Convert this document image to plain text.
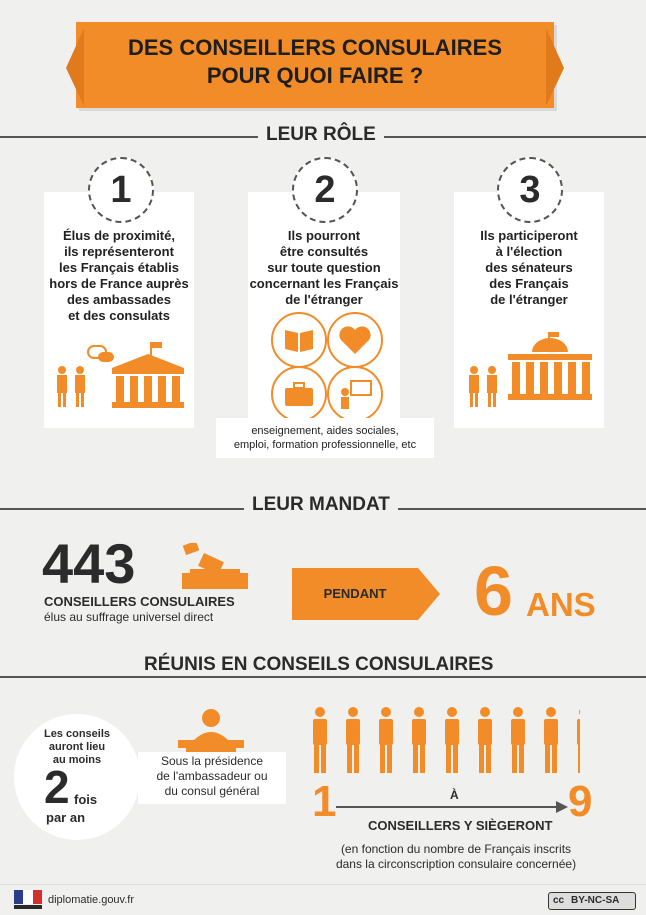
DES CONSEILLERS CONSULAIRES
POUR QUOI FAIRE ?
LEUR RÔLE
1
Élus de proximité,
ils représenteront
les Français établis
hors de France auprès
des ambassades
et des consulats
2
Ils pourront
être consultés
sur toute question
concernant les Français
de l'étranger
enseignement, aides sociales,
emploi, formation professionnelle, etc
3
Ils participeront
à l'élection
des sénateurs
des Français
de l'étranger
LEUR MANDAT
443
CONSEILLERS CONSULAIRES
élus au suffrage universel direct
PENDANT	6 ANS
RÉUNIS EN CONSEILS CONSULAIRES
Les conseils
auront lieu
au moins
2 fois
par an
Sous la présidence
de l'ambassadeur ou
du consul général	1	À 9
CONSEILLERS Y SIÈGERONT
(en fonction du nombre de Français inscrits
dans la circonscription consulaire concernée)
diplomatie.gouv.fr	cc BY-NC-SA
